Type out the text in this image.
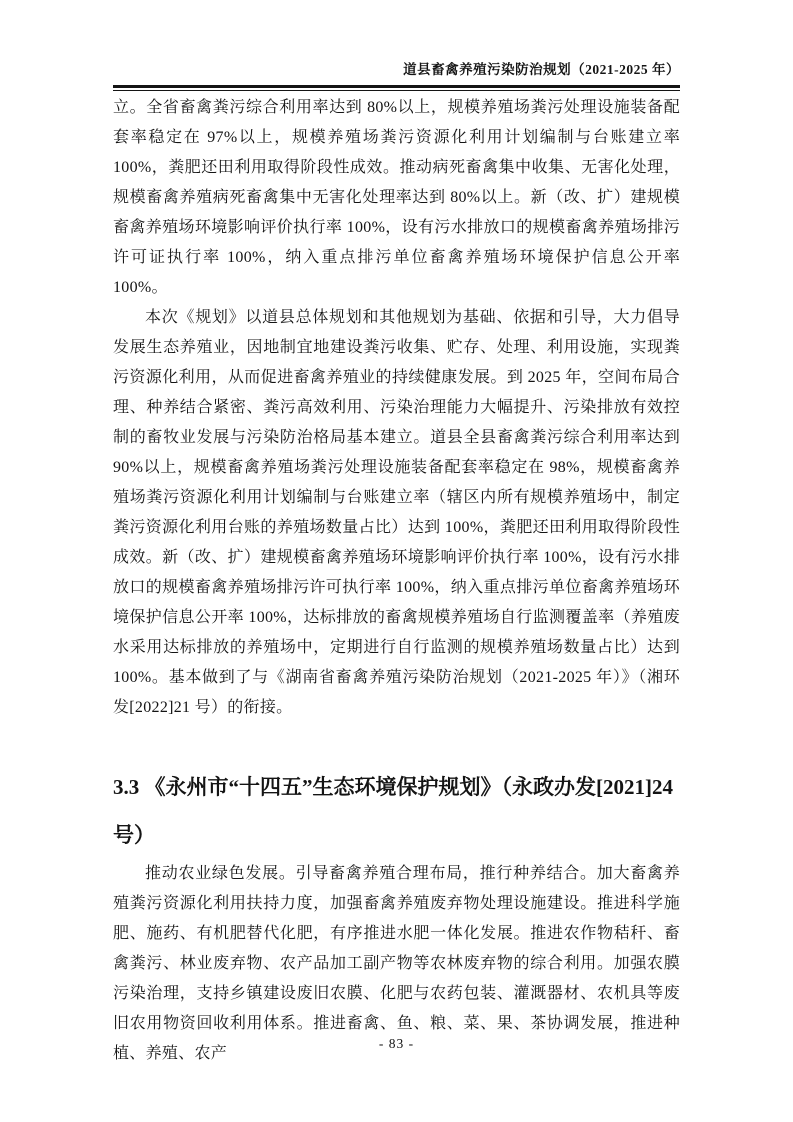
道县畜禽养殖污染防治规划（2021-2025 年）

立。全省畜禽粪污综合利用率达到 80%以上，规模养殖场粪污处理设施装备配套率稳定在 97%以上，规模养殖场粪污资源化利用计划编制与台账建立率 100%，粪肥还田利用取得阶段性成效。推动病死畜禽集中收集、无害化处理，规模畜禽养殖病死畜禽集中无害化处理率达到 80%以上。新（改、扩）建规模畜禽养殖场环境影响评价执行率 100%，设有污水排放口的规模畜禽养殖场排污许可证执行率 100%，纳入重点排污单位畜禽养殖场环境保护信息公开率 100%。

本次《规划》以道县总体规划和其他规划为基础、依据和引导，大力倡导发展生态养殖业，因地制宜地建设粪污收集、贮存、处理、利用设施，实现粪污资源化利用，从而促进畜禽养殖业的持续健康发展。到 2025 年，空间布局合理、种养结合紧密、粪污高效利用、污染治理能力大幅提升、污染排放有效控制的畜牧业发展与污染防治格局基本建立。道县全县畜禽粪污综合利用率达到 90%以上，规模畜禽养殖场粪污处理设施装备配套率稳定在 98%，规模畜禽养殖场粪污资源化利用计划编制与台账建立率（辖区内所有规模养殖场中，制定粪污资源化利用台账的养殖场数量占比）达到 100%，粪肥还田利用取得阶段性成效。新（改、扩）建规模畜禽养殖场环境影响评价执行率 100%，设有污水排放口的规模畜禽养殖场排污许可执行率 100%，纳入重点排污单位畜禽养殖场环境保护信息公开率 100%，达标排放的畜禽规模养殖场自行监测覆盖率（养殖废水采用达标排放的养殖场中，定期进行自行监测的规模养殖场数量占比）达到 100%。基本做到了与《湖南省畜禽养殖污染防治规划（2021-2025 年）》（湘环发[2022]21 号）的衔接。

3.3 《永州市“十四五”生态环境保护规划》（永政办发[2021]24
号）

推动农业绿色发展。引导畜禽养殖合理布局，推行种养结合。加大畜禽养殖粪污资源化利用扶持力度，加强畜禽养殖废弃物处理设施建设。推进科学施肥、施药、有机肥替代化肥，有序推进水肥一体化发展。推进农作物秸秆、畜禽粪污、林业废弃物、农产品加工副产物等农林废弃物的综合利用。加强农膜污染治理，支持乡镇建设废旧农膜、化肥与农药包装、灌溉器材、农机具等废旧农用物资回收利用体系。推进畜禽、鱼、粮、菜、果、茶协调发展，推进种植、养殖、农产

- 83 -
